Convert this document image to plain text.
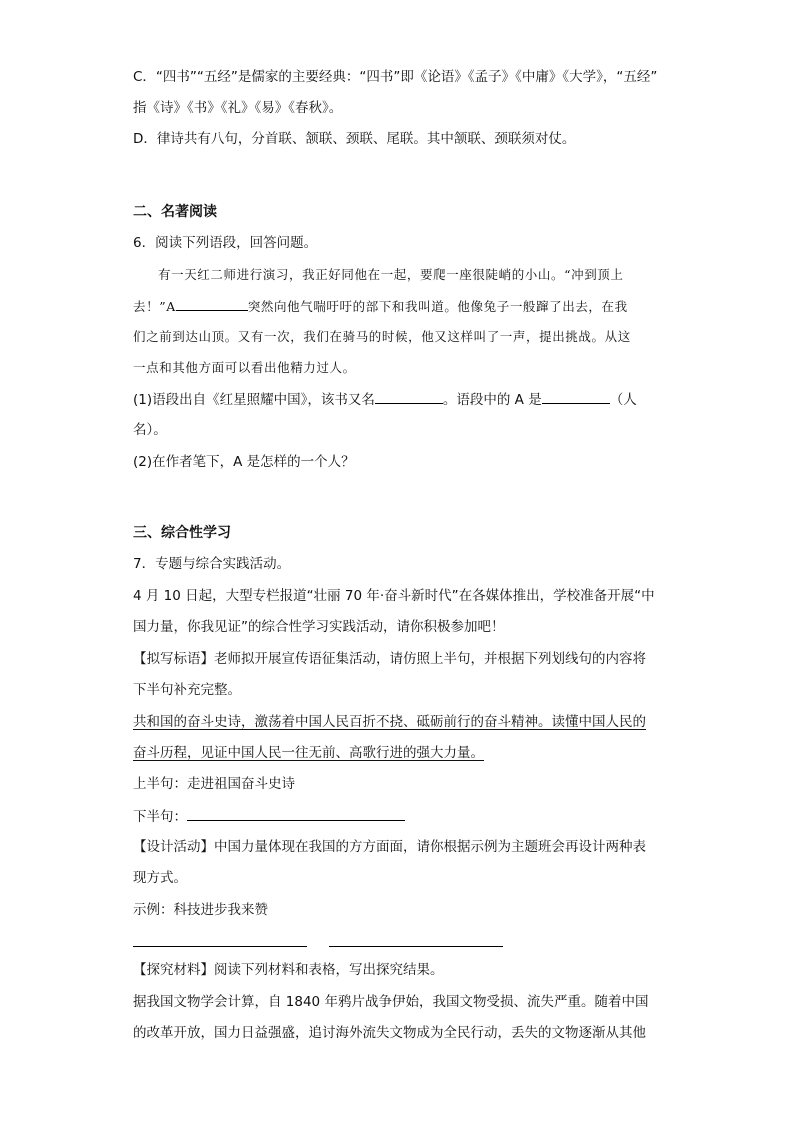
C．“四书”“五经”是儒家的主要经典：“四书”即《论语》《孟子》《中庸》《大学》，“五经”
指《诗》《书》《礼》《易》《春秋》。
D．律诗共有八句，分首联、颔联、颈联、尾联。其中颔联、颈联须对仗。
二、名著阅读
6．阅读下列语段，回答问题。
有一天红二师进行演习，我正好同他在一起，要爬一座很陡峭的小山。“冲到顶上
去！”A	突然向他气喘吁吁的部下和我叫道。他像兔子一般蹿了出去，在我
们之前到达山顶。又有一次，我们在骑马的时候，他又这样叫了一声，提出挑战。从这
一点和其他方面可以看出他精力过人。
(1)语段出自《红星照耀中国》，该书又名	。语段中的 A 是	（人
名）。
(2)在作者笔下，A 是怎样的一个人？
三、综合性学习
7．专题与综合实践活动。
4 月 10 日起，大型专栏报道“壮丽 70 年·奋斗新时代”在各媒体推出，学校准备开展“中
国力量，你我见证”的综合性学习实践活动，请你积极参加吧！
【拟写标语】老师拟开展宣传语征集活动，请仿照上半句，并根据下列划线句的内容将
下半句补充完整。
共和国的奋斗史诗，激荡着中国人民百折不挠、砥砺前行的奋斗精神。读懂中国人民的
奋斗历程，见证中国人民一往无前、高歌行进的强大力量。
上半句：走进祖国奋斗史诗
下半句：
【设计活动】中国力量体现在我国的方方面面，请你根据示例为主题班会再设计两种表
现方式。
示例：科技进步我来赞
【探究材料】阅读下列材料和表格，写出探究结果。
据我国文物学会计算，自 1840 年鸦片战争伊始，我国文物受损、流失严重。随着中国
的改革开放，国力日益强盛，追讨海外流失文物成为全民行动，丢失的文物逐渐从其他
